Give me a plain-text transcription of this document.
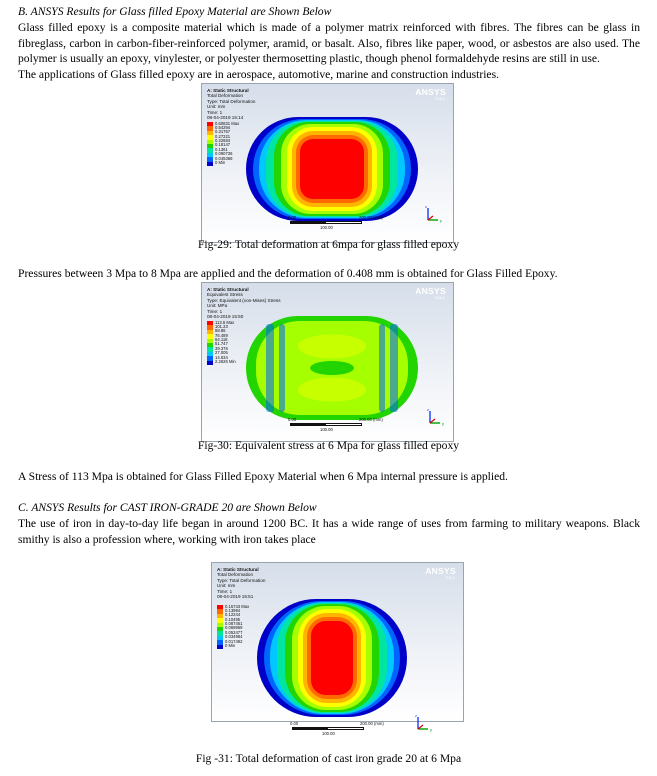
B. ANSYS Results for Glass filled Epoxy Material are Shown Below

Glass filled epoxy is a composite material which is made of a polymer matrix reinforced with fibres. The fibres can be glass in fibreglass, carbon in carbon-fiber-reinforced polymer, aramid, or basalt. Also, fibres like paper, wood, or asbestos are also used. The polymer is usually an epoxy, vinylester, or polyester thermosetting plastic, though phenol formaldehyde resins are still in use.

The applications of Glass filled epoxy are in aerospace, automotive, marine and construction industries.

A: Static Structural
Total Deformation
Type: Total Deformation
Unit: mm
Time: 1
08-04-2019 15:14
0.60831 Max
0.54294
0.31757
0.27221
0.22684
0.18147
0.1361
0.090736
0.045368
0 Min
ANSYS
R16.2
0.00	200.00 (mm)
100.00
z
y

Fig-29: Total deformation at 6mpa for glass filled epoxy

Pressures between 3 Mpa to 8 Mpa are applied and the deformation of 0.408 mm is obtained for Glass Filled Epoxy.

A: Static Structural
Equivalent Stress
Type: Equivalent (von-Mises) Stress
Unit: MPa
Time: 1
08-04-2019 15:50
113.6 Max
101.23
88.86
76.489
64.118
51.747
39.376
27.005
14.634
2.2626 Min
ANSYS
R16.2
0.00	200.00 (mm)
100.00
z
y

Fig-30: Equivalent stress at 6 Mpa for glass filled epoxy

A Stress of 113 Mpa is obtained for Glass Filled Epoxy Material when 6 Mpa internal pressure is applied.

C. ANSYS Results for CAST IRON-GRADE 20 are Shown Below

The use of iron in day-to-day life began in around 1200 BC. It has a wide range of uses from farming to military weapons. Black smithy is also a profession where, working with iron takes place

A: Static Structural
Total Deformation
Type: Total Deformation
Unit: mm
Time: 1
08-04-2019 15:51
0.15743 Max
0.13994
0.12244
0.10495
0.087461
0.069969
0.052477
0.034984
0.017492
0 Min
ANSYS
R16.2
0.00	200.00 (mm)
100.00
z
y

Fig -31: Total deformation of cast iron grade 20 at 6 Mpa
